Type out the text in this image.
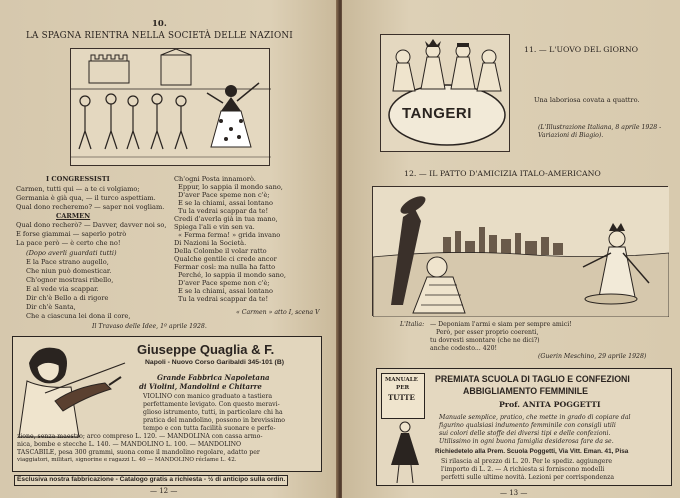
10.
LA SPAGNA RIENTRA NELLA SOCIETÀ DELLE NAZIONI
I CONGRESSISTI
Carmen, tutti qui — a te ci volgiamo;
Germania è già qua, — il turco aspettiam.
Qual dono recheremo? — saper noi vogliam.
CARMEN
Qual dono recherò? — Davver, davver noi so,
E forse giammai — saperlo potrò
La pace però — è certo che no!
(Dopo averli guardati tutti)
E la Pace strano augello,
Che niun può domesticar.
Ch'ognor mostrasi ribello,
E al vede via scappar.
Dir ch'è Bello a di rigore
Dir ch'è Santa,
Che a ciascuna lei dona il core,
Ch'ogni Posta innamorò.
Eppur, lo sappia il mondo sano,
D'aver Pace speme non c'è;
E se la chiami, assai lontano
Tu la vedrai scappar da te!
Credi d'averla già in tua mano,
Spiega l'ali e vin sen va.
« Ferma ferma! » grida invano
Di Nazioni la Società.
Della Colombe il volar ratto
Qualche gentile ci crede ancor
Fermar così: ma nulla ha fatto
Perché, lo sappia il mondo sano,
D'aver Pace speme non c'è;
E se la chiami, assai lontano
Tu la vedrai scappar da te!
« Carmen » atto I, scena V
Il Travaso delle Idee, 1º aprile 1928.
Giuseppe Quaglia & F.
Napoli - Nuovo Corso Garibaldi 345-101 (B)
Grande Fabbrica Napoletana
di Violini, Mandolini e Chitarre
VIOLINO con manico graduato a tastiera
perfettamente levigato. Con questo meravi-
glioso istrumento, tutti, in particolare chi ha
pratica del mandolino, possono in brevissimo
tempo e con tutta facilità suonare e perfe-
zione, senza maestro; arco compreso L. 120. — MANDOLINA con cassa armo-
nica, bombe e stecche L. 140. — MANDOLINO L. 100. — MANDOLINO
TASCABILE, pesa 300 grammi, suona come il mandolino regolare, adatto per
viaggiatori, militari, signorine e ragazzi L. 40 — MANDOLINO réclame L. 42.
Esclusiva nostra fabbricazione - Catalogo gratis a richiesta - ½ di anticipo sulla ordin.
— 12 —
TANGERI
11. — L'UOVO DEL GIORNO
Una laboriosa covata a quattro.
(L'Illustrazione Italiana, 8 aprile 1928 - Variazioni di Biagio).
12. — IL PATTO D'AMICIZIA ITALO-AMERICANO
L'Italia: — Deponiam l'armi e siam per sempre amici!
Però, per esser proprio coerenti,
tu dovresti smontare (che ne dici?)
anche codesto... 420!
(Guerin Meschino, 29 aprile 1928)
MANUALE
PER
TUTTE
PREMIATA SCUOLA DI TAGLIO E CONFEZIONI
ABBIGLIAMENTO FEMMINILE
Prof. ANITA POGGETTI
Manuale semplice, pratico, che mette in grado di copiare dal
figurino qualsiasi indumento femminile con consigli utili
sui colori delle stoffe dei diversi tipi e delle confezioni.
Utilissimo in ogni buona famiglia desiderosa fare da se.
Richiedetelo alla Prem. Scuola Poggetti, Via Vitt. Eman. 41, Pisa
Si rilascia al prezzo di L. 20. Per le spediz. aggiungere
l'importo di L. 2. — A richiesta si forniscono modelli
perfetti sulle ultime novità. Lezioni per corrispondenza
— 13 —
